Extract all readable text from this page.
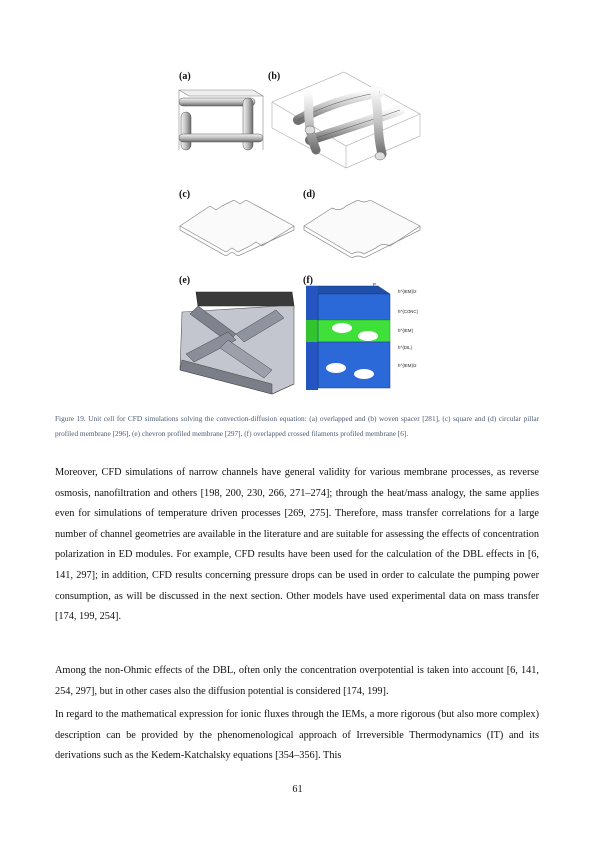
(a)	(b)
(c)	(d)
(e)	(f)	P
h^{IEM}/2
h^{CONC}
h^{IEM}
h^{DIL}
h^{IEM}/2
Figure 19. Unit cell for CFD simulations solving the convection-diffusion equation: (a) overlapped and (b) woven spacer [281], (c) square and (d) circular pillar profiled membrane [296], (e) chevron profiled membrane [297], (f) overlapped crossed filaments profiled membrane [6].

Moreover, CFD simulations of narrow channels have general validity for various membrane processes, as reverse osmosis, nanofiltration and others [198, 200, 230, 266, 271–274]; through the heat/mass analogy, the same applies even for simulations of temperature driven processes [269, 275]. Therefore, mass transfer correlations for a large number of channel geometries are available in the literature and are suitable for assessing the effects of concentration polarization in ED modules. For example, CFD results have been used for the calculation of the DBL effects in [6, 141, 297]; in addition, CFD results concerning pressure drops can be used in order to calculate the pumping power consumption, as will be discussed in the next section. Other models have used experimental data on mass transfer [174, 199, 254].

Among the non-Ohmic effects of the DBL, often only the concentration overpotential is taken into account [6, 141, 254, 297], but in other cases also the diffusion potential is considered [174, 199].

In regard to the mathematical expression for ionic fluxes through the IEMs, a more rigorous (but also more complex) description can be provided by the phenomenological approach of Irreversible Thermodynamics (IT) and its derivations such as the Kedem-Katchalsky equations [354–356]. This

61
